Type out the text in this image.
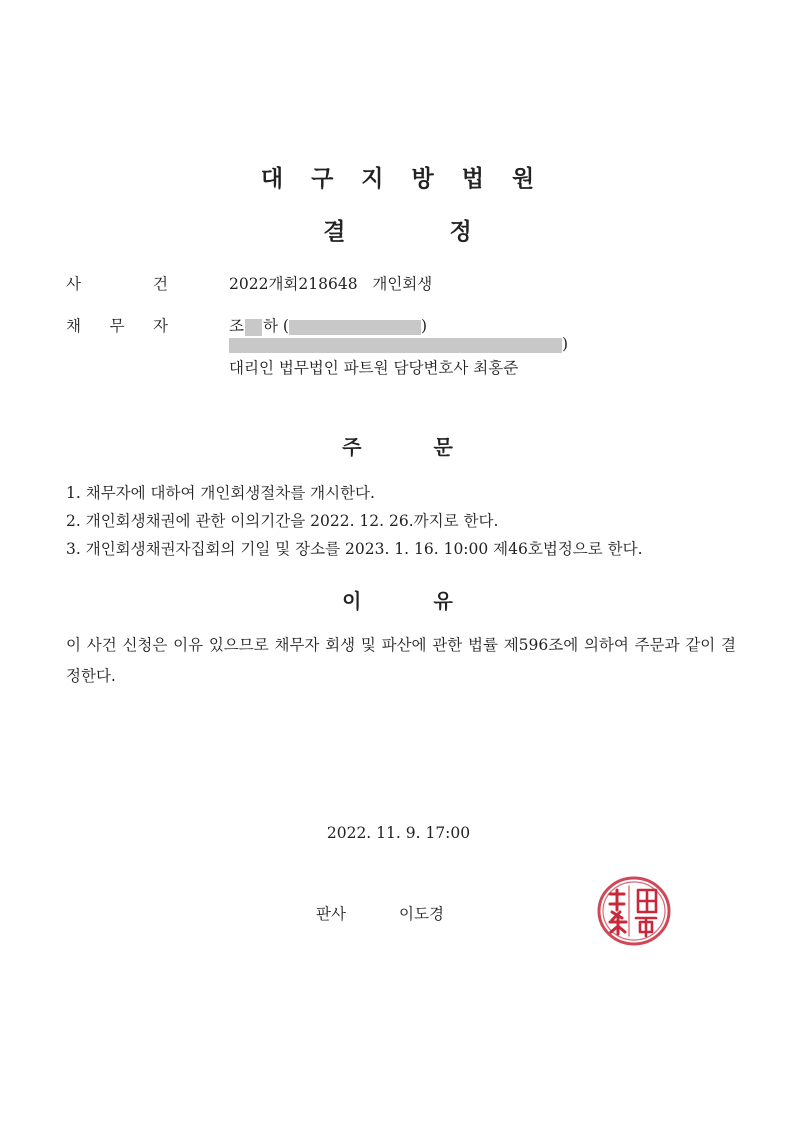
대 구 지 방 법 원
결	정
사	건	2022개회218648   개인회생
채 무 자	조 하 (	)
)
대리인 법무법인 파트원 담당변호사 최홍준
주	문
1. 채무자에 대하여 개인회생절차를 개시한다.
2. 개인회생채권에 관한 이의기간을 2022. 12. 26.까지로 한다.
3. 개인회생채권자집회의 기일 및 장소를 2023. 1. 16. 10:00 제46호법정으로 한다.
이	유
이 사건 신청은 이유 있으므로 채무자 회생 및 파산에 관한 법률 제596조에 의하여 주문과 같이 결정한다.
2022. 11. 9. 17:00
판사	이도경
